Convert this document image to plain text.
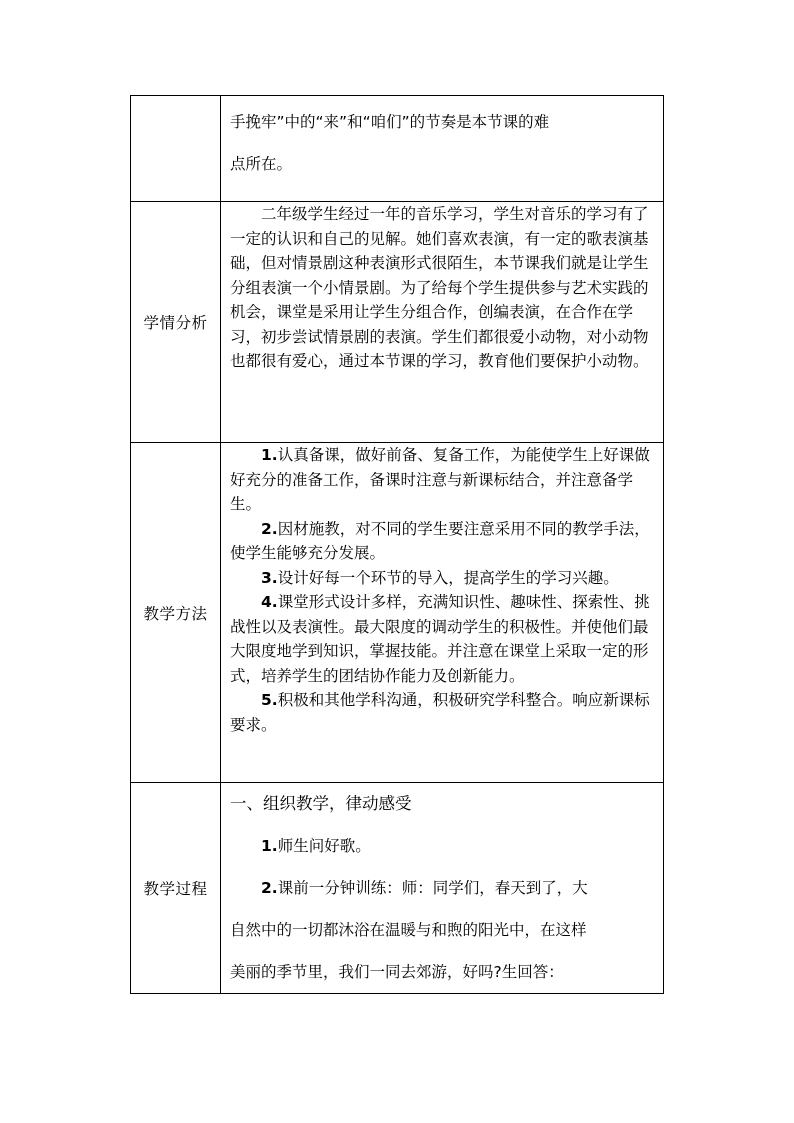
	手挽牢”中的“来”和“咱们”的节奏是本节课的难

点所在。

学情分析	二年级学生经过一年的音乐学习，学生对音乐的学习有了一定的认识和自己的见解。她们喜欢表演，有一定的歌表演基础，但对情景剧这种表演形式很陌生，本节课我们就是让学生分组表演一个小情景剧。为了给每个学生提供参与艺术实践的机会，课堂是采用让学生分组合作，创编表演，在合作在学习，初步尝试情景剧的表演。学生们都很爱小动物，对小动物也都很有爱心，通过本节课的学习，教育他们要保护小动物。

教学方法	1.认真备课，做好前备、复备工作，为能使学生上好课做好充分的准备工作，备课时注意与新课标结合，并注意备学生。

2.因材施教，对不同的学生要注意采用不同的教学手法，使学生能够充分发展。

3.设计好每一个环节的导入，提高学生的学习兴趣。

4.课堂形式设计多样，充满知识性、趣味性、探索性、挑战性以及表演性。最大限度的调动学生的积极性。并使他们最大限度地学到知识，掌握技能。并注意在课堂上采取一定的形式，培养学生的团结协作能力及创新能力。

5.积极和其他学科沟通，积极研究学科整合。响应新课标要求。

教学过程	一、组织教学，律动感受

1.师生问好歌。

2.课前一分钟训练：师：同学们，春天到了，大

自然中的一切都沐浴在温暖与和煦的阳光中，在这样

美丽的季节里，我们一同去郊游，好吗?生回答：
